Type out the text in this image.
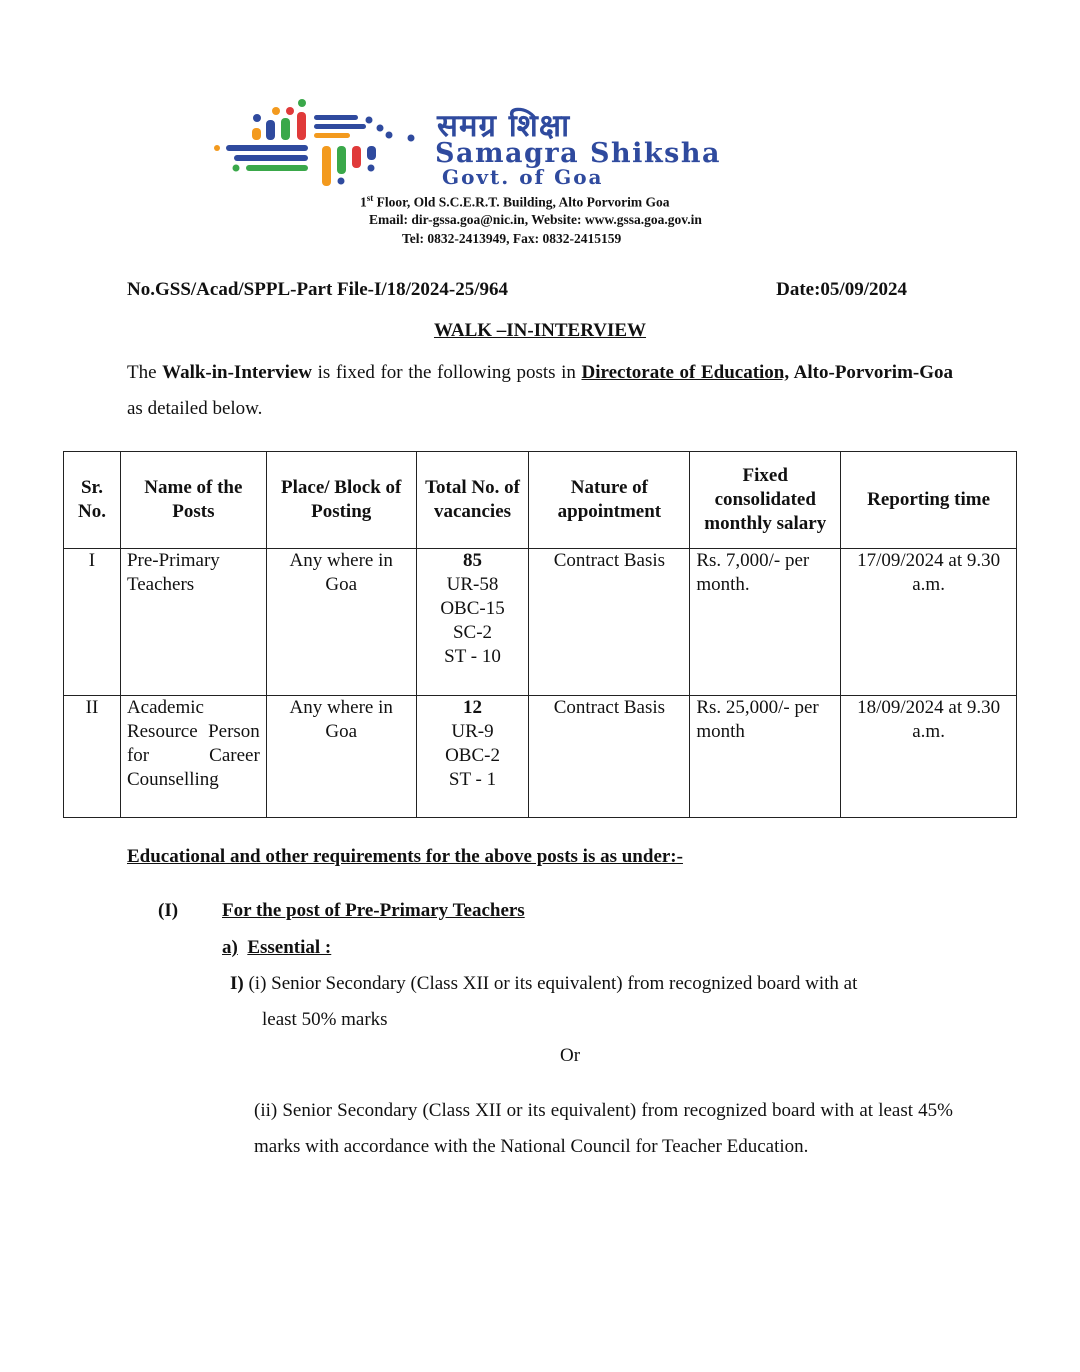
समग्र शिक्षा
Samagra Shiksha
Govt. of Goa
1st Floor, Old S.C.E.R.T. Building, Alto Porvorim Goa
Email: dir-gssa.goa@nic.in, Website: www.gssa.goa.gov.in
Tel: 0832-2413949, Fax: 0832-2415159
No.GSS/Acad/SPPL-Part File-I/18/2024-25/964	Date:05/09/2024
WALK –IN-INTERVIEW
The Walk-in-Interview is fixed for the following posts in Directorate of Education, Alto-Porvorim-Goa as detailed below.
Sr. No.	Name of the Posts	Place/ Block of Posting	Total No. of vacancies	Nature of appointment	Fixed consolidated monthly salary	Reporting time
I	Pre-Primary Teachers	Any where in Goa	85
UR-58
OBC-15
SC-2
ST - 10	Contract Basis	Rs. 7,000/- per month.	17/09/2024 at 9.30 a.m.
II	Academic Resource Person for Career Counselling	Any where in Goa	12
UR-9
OBC-2
ST - 1	Contract Basis	Rs. 25,000/- per month	18/09/2024 at 9.30 a.m.
Educational and other requirements for the above posts is as under:-
(I) For the post of Pre-Primary Teachers
a) Essential :
I) (i) Senior Secondary (Class XII or its equivalent) from recognized board with at
least 50% marks
Or
(ii) Senior Secondary (Class XII or its equivalent) from recognized board with at least 45% marks with accordance with the National Council for Teacher Education.
